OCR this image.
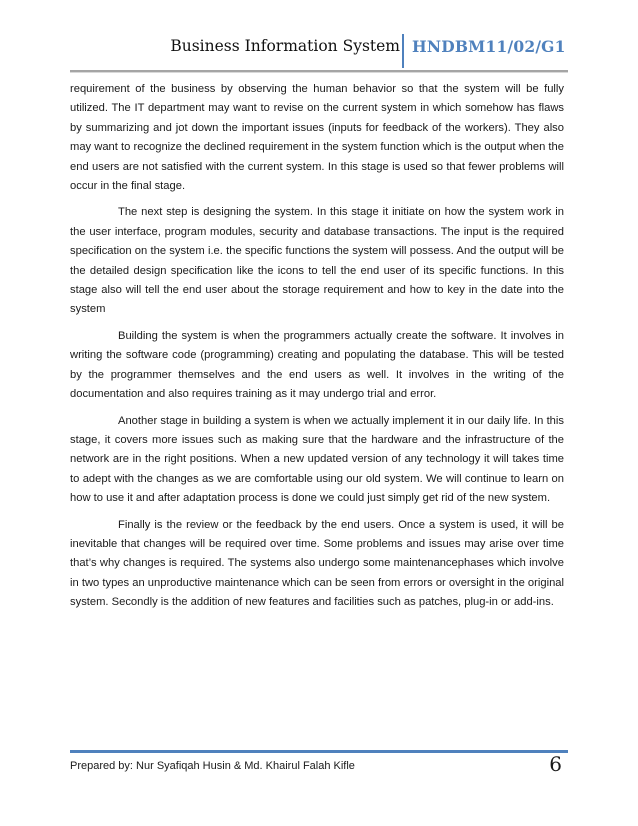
Business Information System HNDBM11/02/G1

requirement of the business by observing the human behavior so that the system will be fully utilized. The IT department may want to revise on the current system in which somehow has flaws by summarizing and jot down the important issues (inputs for feedback of the workers). They also may want to recognize the declined requirement in the system function which is the output when the end users are not satisfied with the current system. In this stage is used so that fewer problems will occur in the final stage.

The next step is designing the system. In this stage it initiate on how the system work in the user interface, program modules, security and database transactions. The input is the required specification on the system i.e. the specific functions the system will possess. And the output will be the detailed design specification like the icons to tell the end user of its specific functions. In this stage also will tell the end user about the storage requirement and how to key in the date into the system

Building the system is when the programmers actually create the software. It involves in writing the software code (programming) creating and populating the database. This will be tested by the programmer themselves and the end users as well. It involves in the writing of the documentation and also requires training as it may undergo trial and error.

Another stage in building a system is when we actually implement it in our daily life. In this stage, it covers more issues such as making sure that the hardware and the infrastructure of the network are in the right positions. When a new updated version of any technology it will takes time to adept with the changes as we are comfortable using our old system. We will continue to learn on how to use it and after adaptation process is done we could just simply get rid of the new system.

Finally is the review or the feedback by the end users. Once a system is used, it will be inevitable that changes will be required over time. Some problems and issues may arise over time that’s why changes is required. The systems also undergo some maintenancephases which involve in two types an unproductive maintenance which can be seen from errors or oversight in the original system. Secondly is the addition of new features and facilities such as patches, plug-in or add-ins.

Prepared by: Nur Syafiqah Husin & Md. Khairul Falah Kifle	6
